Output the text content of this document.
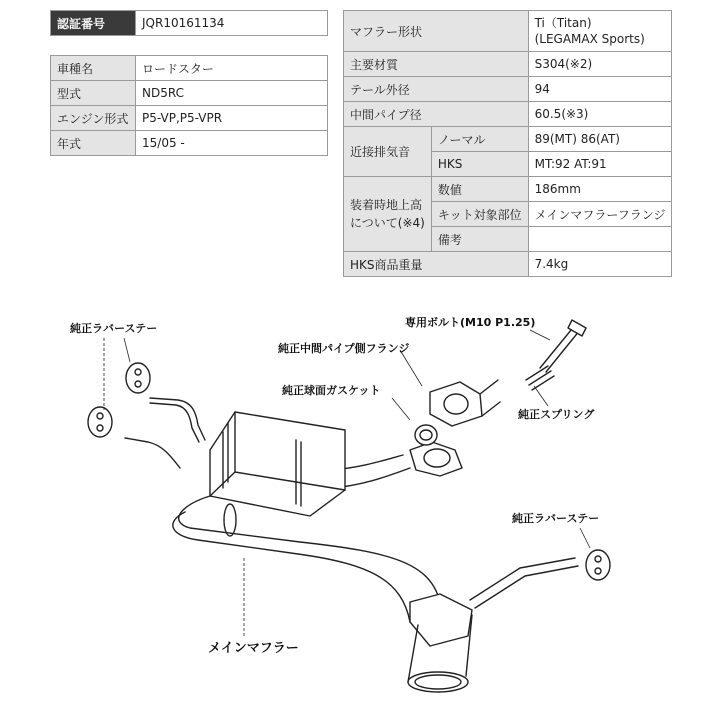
認証番号	JQR10161134
車種名	ロードスター
型式	ND5RC
エンジン形式	P5-VP,P5-VPR
年式	15/05 -
マフラー形状		Ti（Titan)
(LEGAMAX Sports)

主要材質		S304(※2)
テール外径		94
中間パイプ径		60.5(※3)
近接排気音	ノーマル	89(MT) 86(AT)
	HKS	MT:92 AT:91

装着時地上高
について(※4)	数値	186mm
	キット対象部位	メインマフラーフランジ
	備考	
HKS商品重量		7.4kg
純正ラバーステー	専用ボルト(M10 P1.25)
純正中間パイプ側フランジ
純正球面ガスケット
純正スプリング
純正ラバーステー
メインマフラー
